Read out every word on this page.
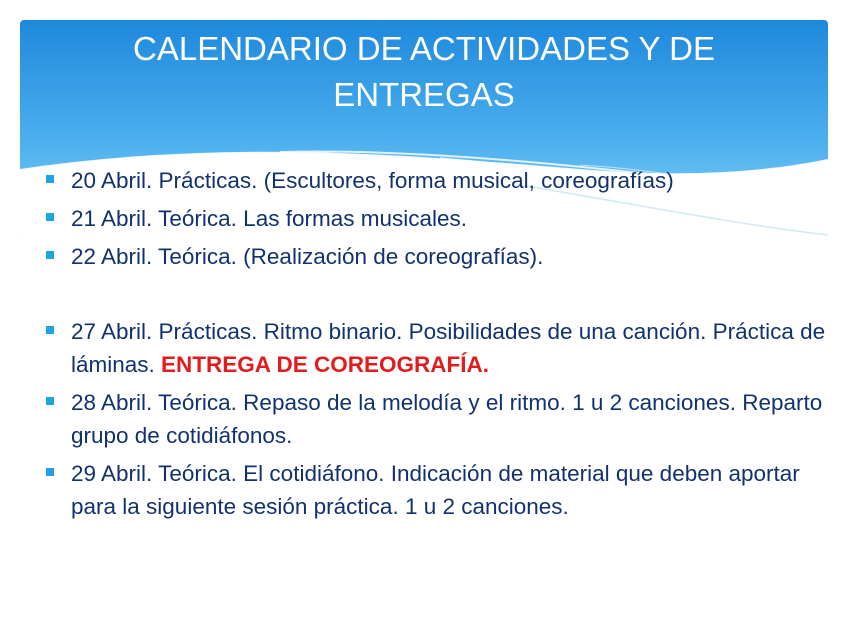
CALENDARIO DE ACTIVIDADES Y DE ENTREGAS
20 Abril. Prácticas. (Escultores, forma musical, coreografías)
21 Abril. Teórica. Las formas musicales.
22 Abril. Teórica. (Realización de coreografías).
27 Abril. Prácticas. Ritmo binario. Posibilidades de una canción. Práctica de láminas. ENTREGA DE COREOGRAFÍA.
28 Abril. Teórica. Repaso de la melodía y el ritmo. 1 u 2 canciones. Reparto grupo de cotidiáfonos.
29 Abril. Teórica. El cotidiáfono. Indicación de material que deben aportar para la siguiente sesión práctica. 1 u 2 canciones.
